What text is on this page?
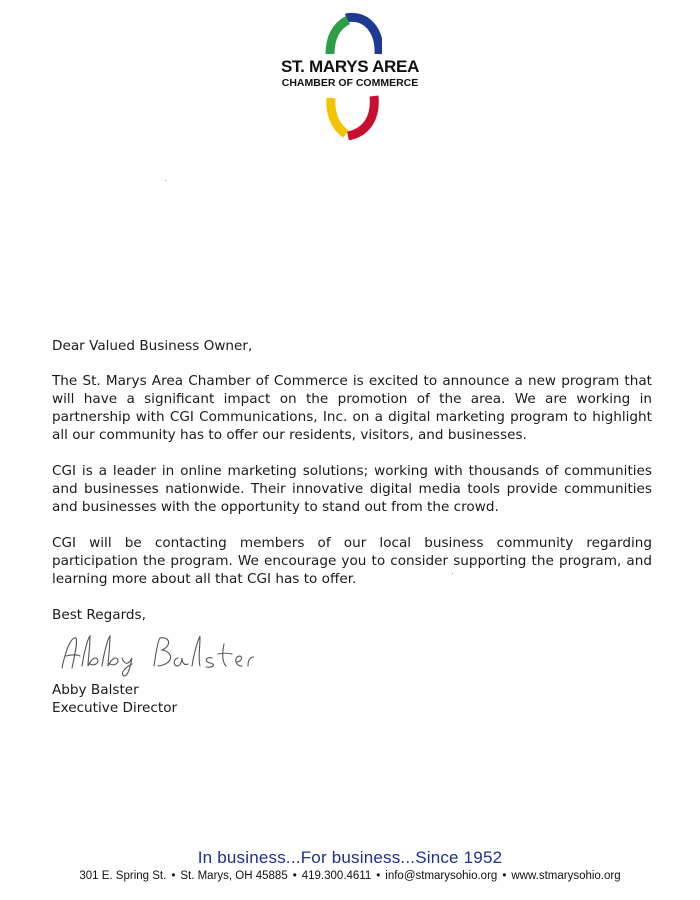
ST. MARYS AREA
CHAMBER OF COMMERCE

Dear Valued Business Owner,

The St. Marys Area Chamber of Commerce is excited to announce a new program that will have a significant impact on the promotion of the area. We are working in partnership with CGI Communications, Inc. on a digital marketing program to highlight all our community has to offer our residents, visitors, and businesses.

CGI is a leader in online marketing solutions; working with thousands of communities and businesses nationwide. Their innovative digital media tools provide communities and businesses with the opportunity to stand out from the crowd.

CGI will be contacting members of our local business community regarding participation the program. We encourage you to consider supporting the program, and learning more about all that CGI has to offer.

Best Regards,

Abby Balster

Executive Director

In business...For business...Since 1952
301 E. Spring St. • St. Marys, OH 45885 • 419.300.4611 • info@stmarysohio.org • www.stmarysohio.org
